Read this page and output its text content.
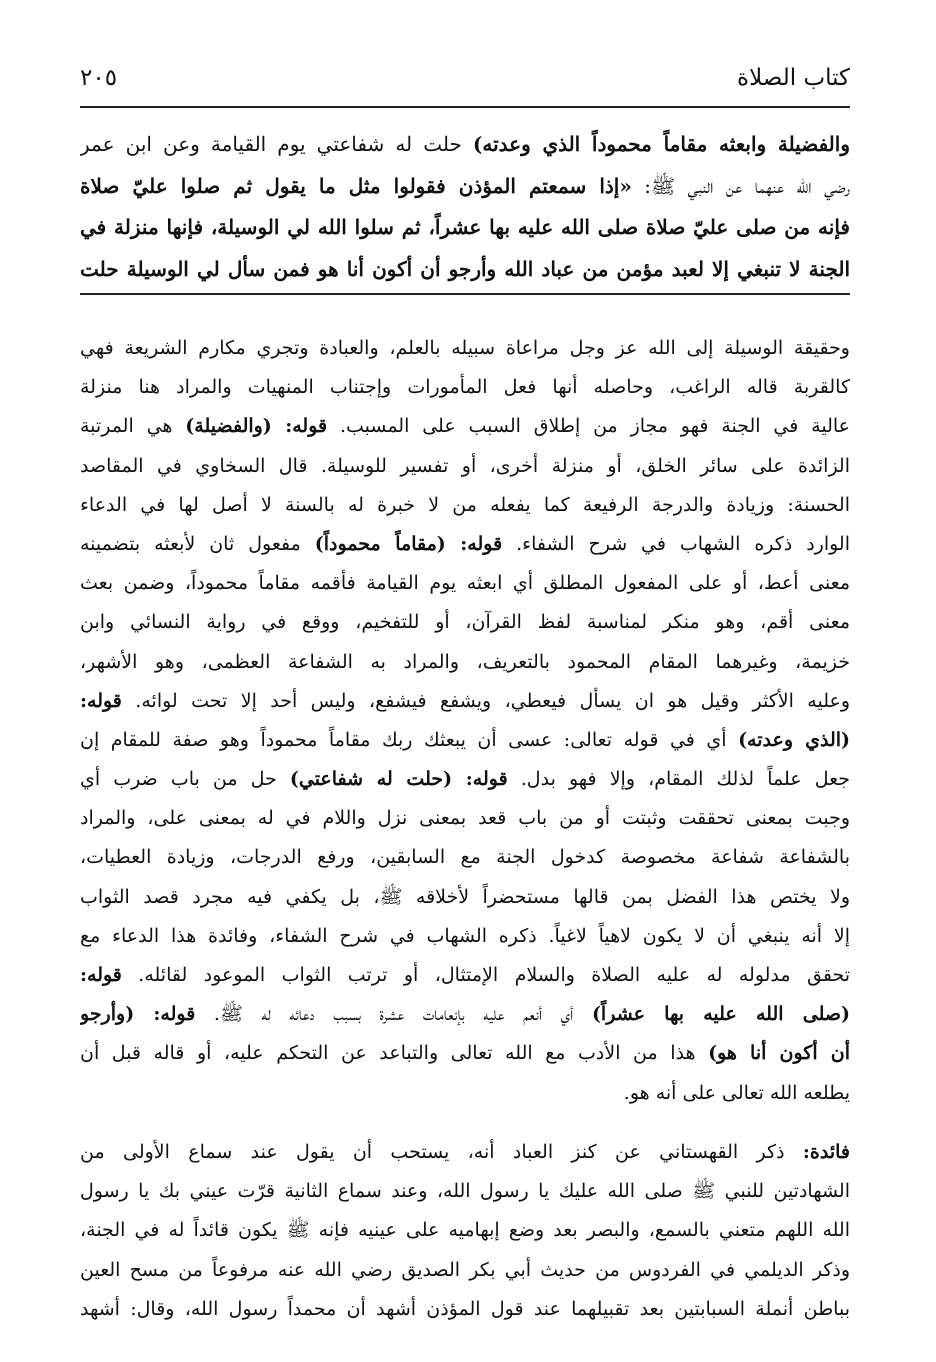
كتاب الصلاة
٢٠٥
والفضيلة وابعثه مقاماً محموداً الذي وعدته) حلت له شفاعتي يوم القيامة وعن ابن عمر
رضي الله عنهما عن النبي ﷺ: «إذا سمعتم المؤذن فقولوا مثل ما يقول ثم صلوا عليّ صلاة
فإنه من صلى عليّ صلاة صلى الله عليه بها عشراً، ثم سلوا الله لي الوسيلة، فإنها منزلة في
الجنة لا تنبغي إلا لعبد مؤمن من عباد الله وأرجو أن أكون أنا هو فمن سأل لي الوسيلة حلت
وحقيقة الوسيلة إلى الله عز وجل مراعاة سبيله بالعلم، والعبادة وتجري مكارم الشريعة فهي
كالقربة قاله الراغب، وحاصله أنها فعل المأمورات وإجتناب المنهيات والمراد هنا منزلة
عالية في الجنة فهو مجاز من إطلاق السبب على المسبب. قوله: (والفضيلة) هي المرتبة
الزائدة على سائر الخلق، أو منزلة أخرى، أو تفسير للوسيلة. قال السخاوي في المقاصد
الحسنة: وزيادة والدرجة الرفيعة كما يفعله من لا خبرة له بالسنة لا أصل لها في الدعاء
الوارد ذكره الشهاب في شرح الشفاء. قوله: (مقاماً محموداً) مفعول ثان لأبعثه بتضمينه
معنى أعط، أو على المفعول المطلق أي ابعثه يوم القيامة فأقمه مقاماً محموداً، وضمن بعث
معنى أقم، وهو منكر لمناسبة لفظ القرآن، أو للتفخيم، ووقع في رواية النسائي وابن
خزيمة، وغيرهما المقام المحمود بالتعريف، والمراد به الشفاعة العظمى، وهو الأشهر،
وعليه الأكثر وقيل هو ان يسأل فيعطي، ويشفع فيشفع، وليس أحد إلا تحت لوائه. قوله:
(الذي وعدته) أي في قوله تعالى: عسى أن يبعثك ربك مقاماً محموداً وهو صفة للمقام إن
جعل علماً لذلك المقام، وإلا فهو بدل. قوله: (حلت له شفاعتي) حل من باب ضرب أي
وجبت بمعنى تحققت وثبتت أو من باب قعد بمعنى نزل واللام في له بمعنى على، والمراد
بالشفاعة شفاعة مخصوصة كدخول الجنة مع السابقين، ورفع الدرجات، وزيادة العطيات،
ولا يختص هذا الفضل بمن قالها مستحضراً لأخلاقه ﷺ، بل يكفي فيه مجرد قصد الثواب
إلا أنه ينبغي أن لا يكون لاهياً لاغياً. ذكره الشهاب في شرح الشفاء، وفائدة هذا الدعاء مع
تحقق مدلوله له عليه الصلاة والسلام الإمتثال، أو ترتب الثواب الموعود لقائله. قوله:
(صلى الله عليه بها عشراً) أي أنعم عليه بإنعامات عشرة بسبب دعائه له ﷺ. قوله: (وأرجو
أن أكون أنا هو) هذا من الأدب مع الله تعالى والتباعد عن التحكم عليه، أو قاله قبل أن
يطلعه الله تعالى على أنه هو.
فائدة: ذكر القهستاني عن كنز العباد أنه، يستحب أن يقول عند سماع الأولى من
الشهادتين للنبي ﷺ صلى الله عليك يا رسول الله، وعند سماع الثانية قرّت عيني بك يا رسول
الله اللهم متعني بالسمع، والبصر بعد وضع إبهاميه على عينيه فإنه ﷺ يكون قائداً له في الجنة،
وذكر الديلمي في الفردوس من حديث أبي بكر الصديق رضي الله عنه مرفوعاً من مسح العين
بباطن أنملة السبابتين بعد تقبيلهما عند قول المؤذن أشهد أن محمداً رسول الله، وقال: أشهد
